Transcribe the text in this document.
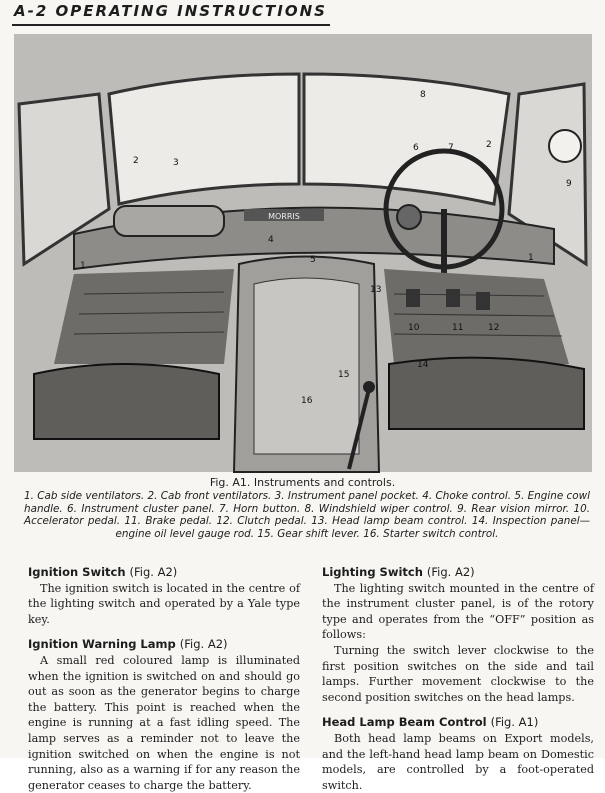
A-2 OPERATING INSTRUCTIONS
MORRIS
1
2	3
4
5
6	7
8
9
1
2
10	11	12
13
14
15
16
Fig. A1. Instruments and controls.
1. Cab side ventilators. 2. Cab front ventilators. 3. Instrument panel pocket. 4. Choke control. 5. Engine cowl handle. 6. Instrument cluster panel. 7. Horn button. 8. Windshield wiper control. 9. Rear vision mirror. 10. Accelerator pedal. 11. Brake pedal. 12. Clutch pedal. 13. Head lamp beam control. 14. Inspection panel—engine oil level gauge rod. 15. Gear shift lever. 16. Starter switch control.
Ignition Switch (Fig. A2)

The ignition switch is located in the centre of the lighting switch and operated by a Yale type key.

Ignition Warning Lamp (Fig. A2)

A small red coloured lamp is illuminated when the ignition is switched on and should go out as soon as the generator begins to charge the battery. This point is reached when the engine is running at a fast idling speed. The lamp serves as a reminder not to leave the ignition switched on when the engine is not running, also as a warning if for any reason the generator ceases to charge the battery.

Lighting Switch (Fig. A2)

The lighting switch mounted in the centre of the instrument cluster panel, is of the rotory type and operates from the “OFF” position as follows:

Turning the switch lever clockwise to the first position switches on the side and tail lamps. Further movement clockwise to the second position switches on the head lamps.

Head Lamp Beam Control (Fig. A1)

Both head lamp beams on Export models, and the left-hand head lamp beam on Domestic models, are controlled by a foot-operated switch.
